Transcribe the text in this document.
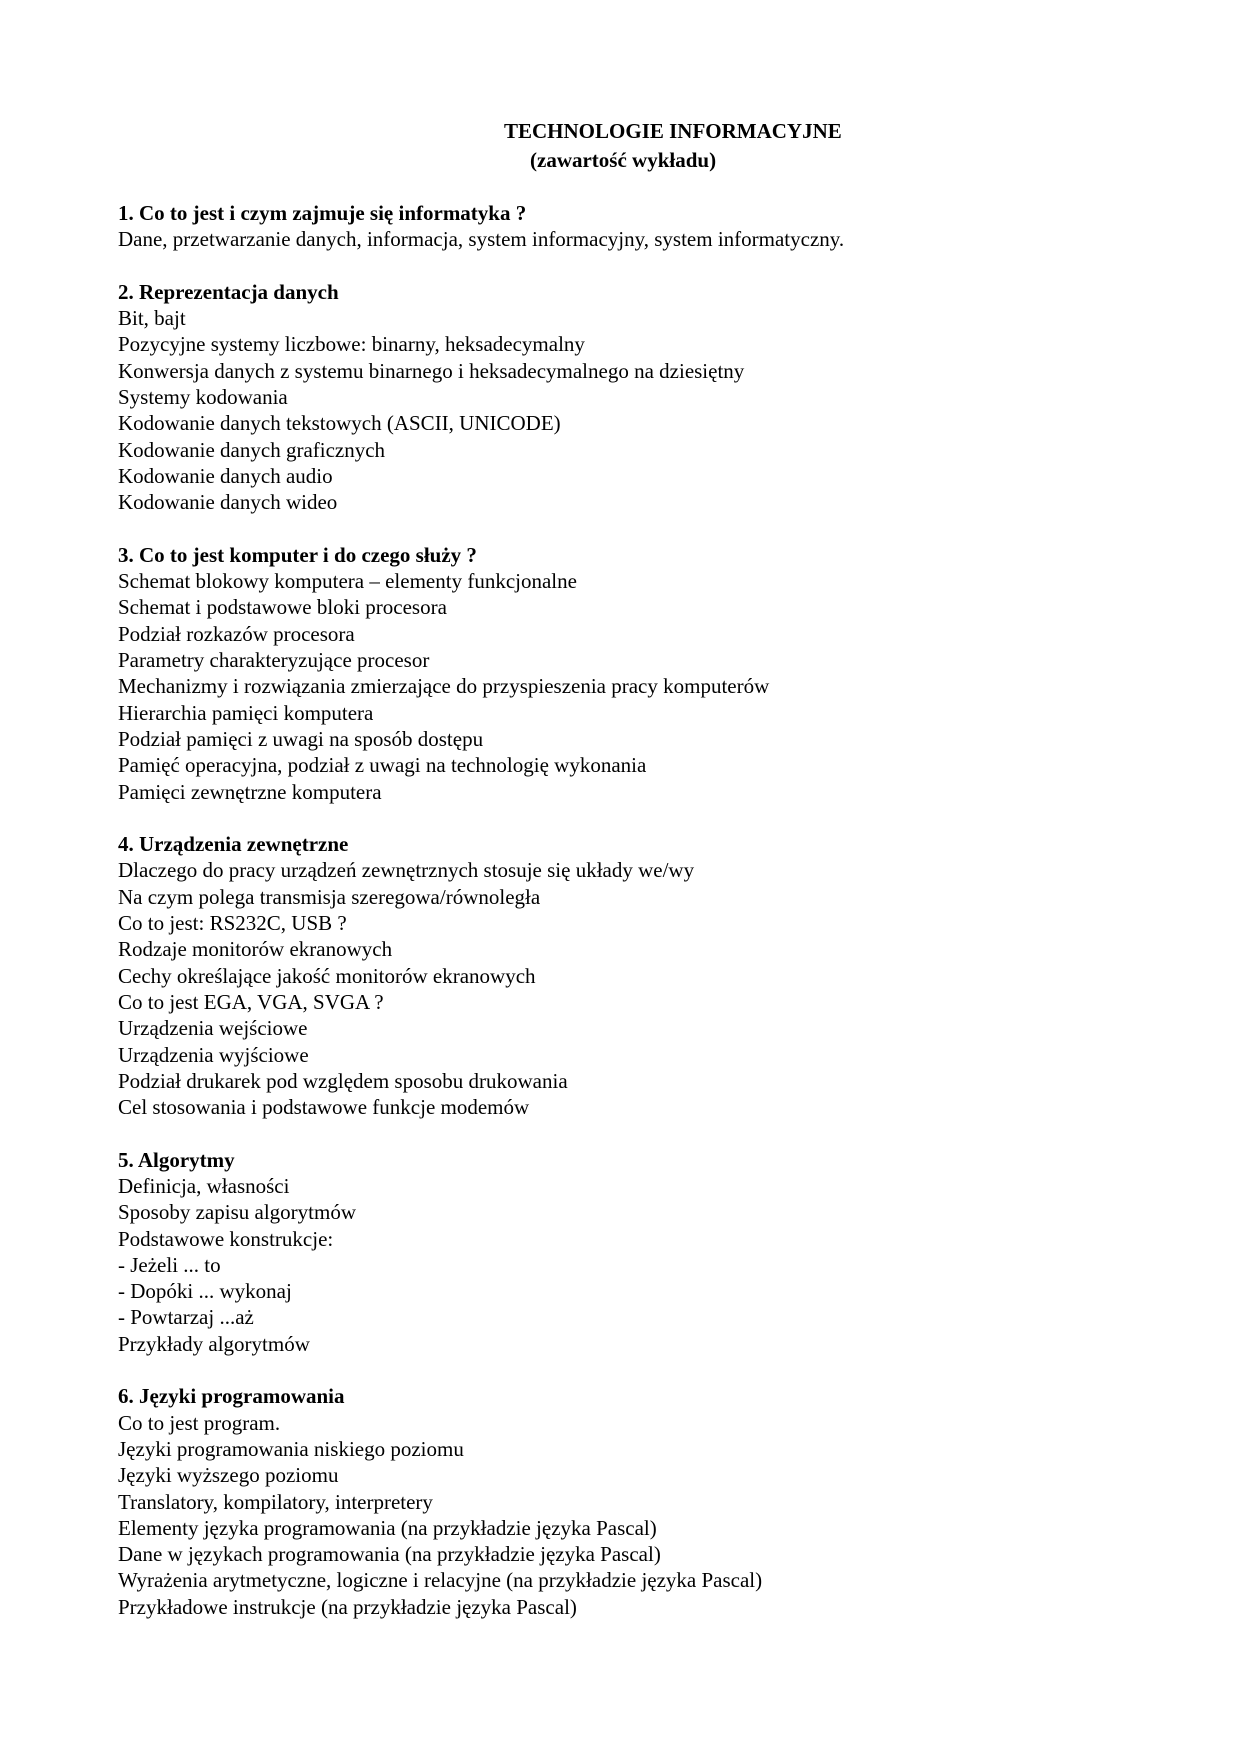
TECHNOLOGIE INFORMACYJNE
(zawartość wykładu)
1. Co to jest i czym zajmuje się informatyka ?
Dane, przetwarzanie danych, informacja, system informacyjny, system informatyczny.
2. Reprezentacja danych
Bit, bajt
Pozycyjne systemy liczbowe: binarny, heksadecymalny
Konwersja danych z systemu binarnego i heksadecymalnego na dziesiętny
Systemy kodowania
Kodowanie danych tekstowych (ASCII, UNICODE)
Kodowanie danych graficznych
Kodowanie danych audio
Kodowanie danych wideo
3. Co to jest komputer i do czego służy ?
Schemat blokowy komputera – elementy funkcjonalne
Schemat i podstawowe bloki procesora
Podział rozkazów procesora
Parametry charakteryzujące procesor
Mechanizmy i rozwiązania zmierzające do przyspieszenia pracy komputerów
Hierarchia pamięci komputera
Podział pamięci z uwagi na sposób dostępu
Pamięć operacyjna, podział z uwagi na technologię wykonania
Pamięci zewnętrzne komputera
4. Urządzenia zewnętrzne
Dlaczego do pracy urządzeń zewnętrznych stosuje się układy we/wy
Na czym polega transmisja szeregowa/równoległa
Co to jest: RS232C, USB ?
Rodzaje monitorów ekranowych
Cechy określające jakość monitorów ekranowych
Co to jest EGA, VGA, SVGA ?
Urządzenia wejściowe
Urządzenia wyjściowe
Podział drukarek pod względem sposobu drukowania
Cel stosowania i podstawowe funkcje modemów
5. Algorytmy
Definicja, własności
Sposoby zapisu algorytmów
Podstawowe konstrukcje:
- Jeżeli ... to
- Dopóki ... wykonaj
- Powtarzaj ...aż
Przykłady algorytmów
6. Języki programowania
Co to jest program.
Języki programowania niskiego poziomu
Języki wyższego poziomu
Translatory, kompilatory, interpretery
Elementy języka programowania (na przykładzie języka Pascal)
Dane w językach programowania (na przykładzie języka Pascal)
Wyrażenia arytmetyczne, logiczne i relacyjne (na przykładzie języka Pascal)
Przykładowe instrukcje (na przykładzie języka Pascal)
